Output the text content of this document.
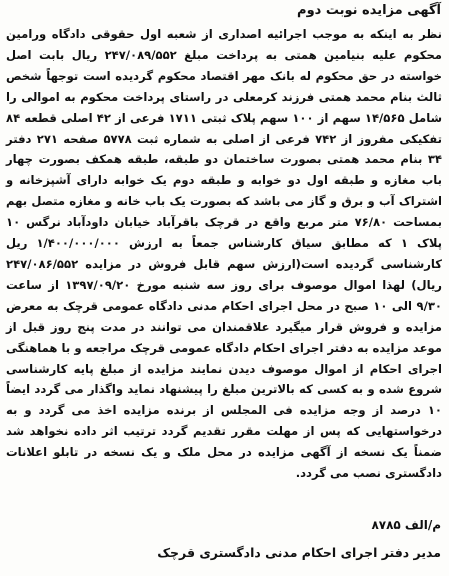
آگهی مزایده نوبت دوم

نظر به اینکه به موجب اجرائیه اصداری از شعبه اول حقوقی دادگاه ورامین محکوم علیه بنیامین همتی به پرداخت مبلغ ۲۴۷/۰۸۹/۵۵۲ ریال بابت اصل خواسته در حق محکوم له بانک مهر اقتصاد محکوم گردیده است توجهاً شخص ثالث بنام محمد همتی فرزند کرمعلی در راستای پرداخت محکوم به اموالی را شامل ۱۴/۵۶۵ سهم از ۱۰۰ سهم پلاک ثبتی ۱۷۱۱ فرعی از ۴۲ اصلی قطعه ۸۴ تفکیکی مفروز از ۷۴۲ فرعی از اصلی به شماره ثبت ۵۷۷۸ صفحه ۲۷۱ دفتر ۳۴ بنام محمد همتی بصورت ساختمان دو طبقه، طبقه همکف بصورت چهار باب مغازه و طبقه اول دو خوابه و طبقه دوم یک خوابه دارای آشپزخانه و اشتراک آب و برق و گاز می باشد که بصورت یک باب خانه و مغازه متصل بهم بمساحت ۷۶/۸۰ متر مربع واقع در قرچک باقرآباد خیابان داودآباد نرگس ۱۰ پلاک ۱ که مطابق سیاق کارشناس جمعاً به ارزش ۱/۴۰۰/۰۰۰/۰۰۰ ریل کارشناسی گردیده است(ارزش سهم قابل فروش در مزایده ۲۴۷/۰۸۶/۵۵۲ ریال) لهذا اموال موصوف برای روز سه شنبه مورخ ۱۳۹۷/۰۹/۲۰ از ساعت ۹/۳۰ الی ۱۰ صبح در محل اجرای احکام مدنی دادگاه عمومی قرچک به معرض مزایده و فروش قرار میگیرد علاقمندان می توانند در مدت پنج روز قبل از موعد مزایده به دفتر اجرای احکام دادگاه عمومی قرچک مراجعه و با هماهنگی اجرای احکام از اموال موصوف دیدن نمایند مزایده از مبلغ پایه کارشناسی شروع شده و به کسی که بالاترین مبلغ را پیشنهاد نماید واگذار می گردد ایضاً ۱۰ درصد از وجه مزایده فی المجلس از برنده مزایده اخذ می گردد و به درخواستهایی که پس از مهلت مقرر تقدیم گردد ترتیب اثر داده نخواهد شد ضمناً یک نسخه از آگهی مزایده در محل ملک و یک نسخه در تابلو اعلانات دادگستری نصب می گردد.

م/الف ۸۷۸۵

مدیر دفتر اجرای احکام مدنی دادگستری قرچک
